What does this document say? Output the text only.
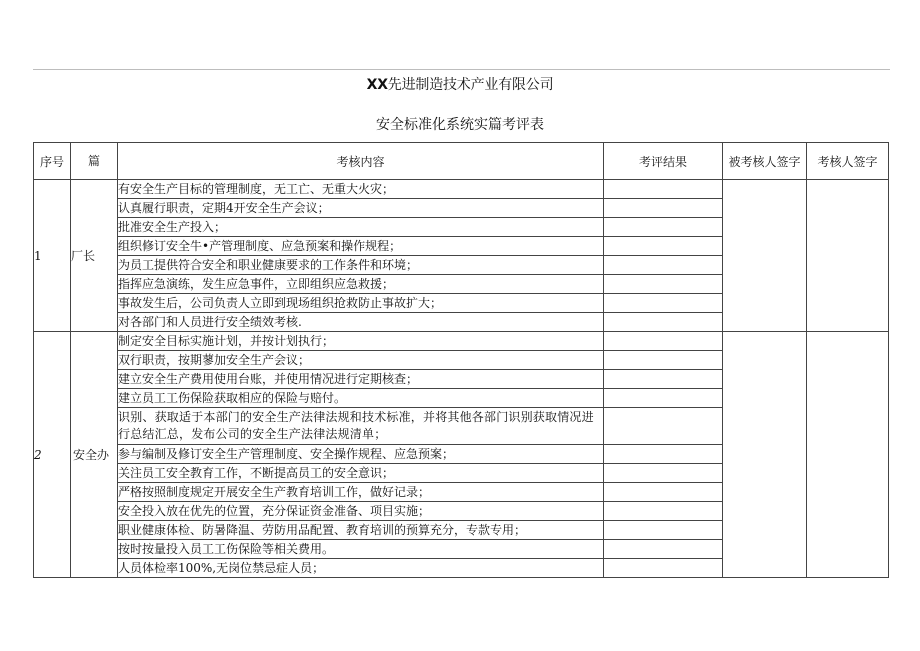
XX先进制造技术产业有限公司
安全标准化系统实篇考评表
序号	篇	考核内容	考评结果	被考核人签字	考核人签字
1	厂长	有安全生产目标的管理制度，无工亡、无重大火灾；			
		认真履行职责，定期4开安全生产会议；			
		批准安全生产投入；			
		组织修订安全牛•产管理制度、应急预案和操作规程；			
		为员工提供符合安全和职业健康要求的工作条件和环境；			
		指挥应急演练，发生应急事件，立即组织应急救援；			
		事故发生后，公司负责人立即到现场组织抢救防止事故扩大；			
		对各部门和人员进行安全绩效考核.			
2	安全办	制定安全目标实施计划，并按计划执行；			
		双行职责，按期蓼加安全生产会议；			
		建立安全生产费用使用台账，并使用情况进行定期核查；			
		建立员工工伤保险获取相应的保险与赔付。			
		识别、获取适于本部门的安全生产法律法规和技术标准，并将其他各部门识别获取情况进行总结汇总，发布公司的安全生产法律法规清单；			
		参与编制及修订安全生产管理制度、安全操作规程、应急预案；			
		关注员工安全教育工作，不断提高员工的安全意识；			
		严格按照制度规定开展安全生产教育培训工作，做好记录；			
		安全投入放在优先的位置，充分保证资金准备、项目实施；			
		职业健康体检、防暑降温、劳防用品配置、教育培训的预算充分，专款专用；			
		按时按量投入员工工伤保险等相关费用。			
		人员体检率100%,无岗位禁忌症人员；			
